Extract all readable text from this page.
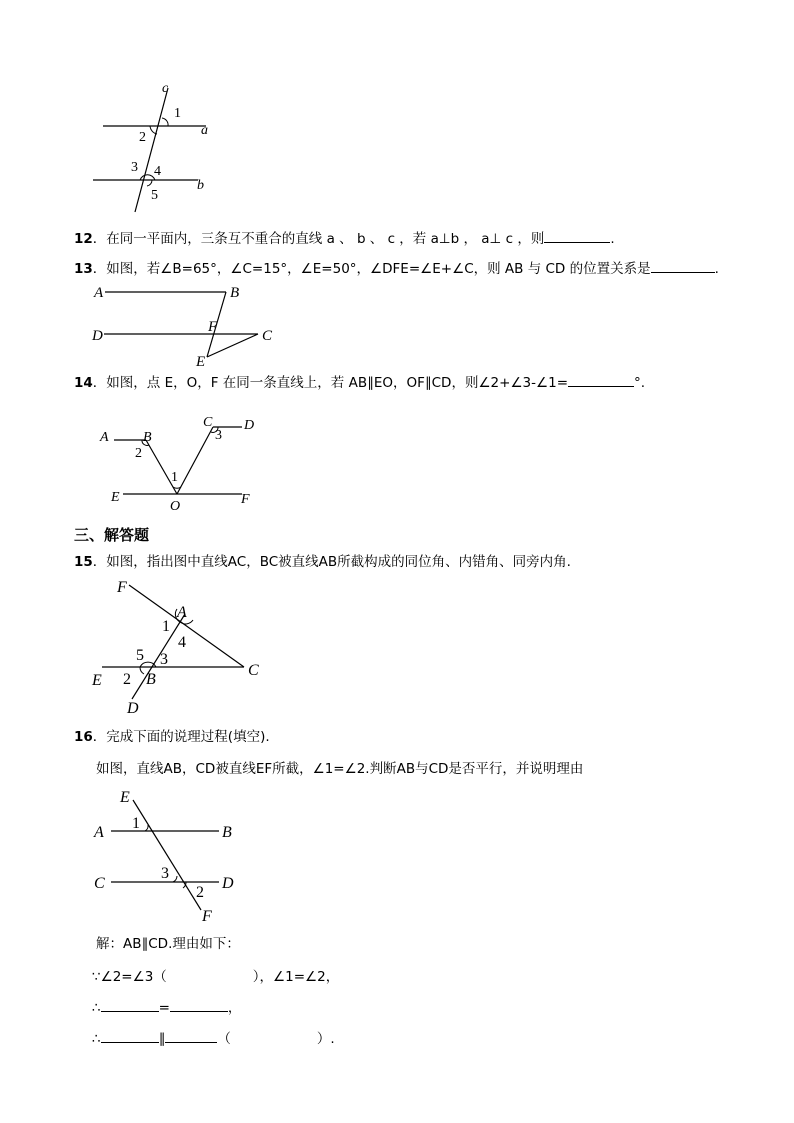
c
a
b
1
2
3 4
5
12．在同一平面内，三条互不重合的直线 a 、 b 、 c ，若 a⊥b ， a⊥ c ，则	.
13．如图，若∠B=65°，∠C=15°，∠E=50°，∠DFE=∠E+∠C，则 AB 与 CD 的位置关系是	.
A	B
D
F
C
E
14．如图，点 E，O，F 在同一条直线上，若 AB∥EO，OF∥CD，则∠2+∠3-∠1=	°.
A B
C D
2
3
1
E
O	F
三、解答题
15．如图，指出图中直线AC，BC被直线AB所截构成的同位角、内错角、同旁内角.
F
A
1
4
5 3
C
E 2 B
D
16．完成下面的说理过程(填空).
如图，直线AB，CD被直线EF所截，∠1=∠2.判断AB与CD是否平行，并说明理由
E
A
1
B
3
C	D
2
F
解：AB∥CD.理由如下：
∵∠2=∠3（	），∠1=∠2，
∴	=	，
∴	∥	（	）.
